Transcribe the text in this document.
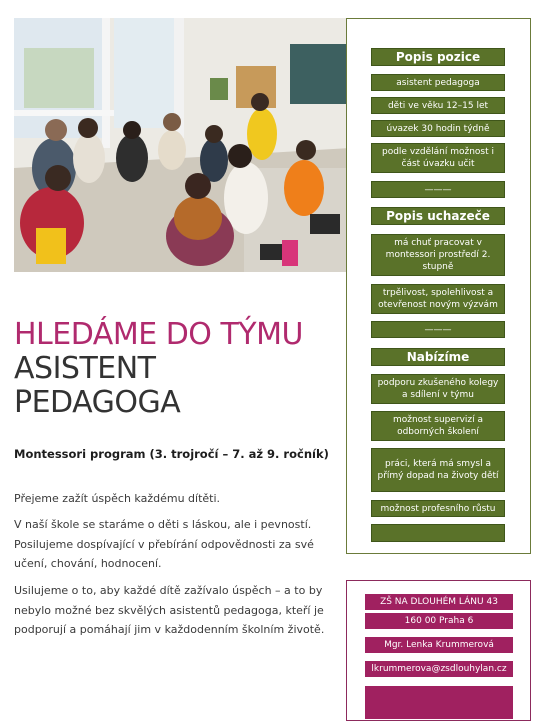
HLEDÁME DO TÝMU
ASISTENT
PEDAGOGA
Montessori program (3. trojročí – 7. až 9. ročník)

Přejeme zažít úspěch každému dítěti.

V naší škole se staráme o děti s láskou, ale i pevností. Posilujeme dospívající v přebírání odpovědnosti za své učení, chování, hodnocení.

Usilujeme o to, aby každé dítě zažívalo úspěch – a to by nebylo možné bez skvělých asistentů pedagoga, kteří je podporují a pomáhají jim v každodenním školním životě.

Popis pozice
asistent pedagoga
děti ve věku 12–15 let
úvazek 30 hodin týdně
podle vzdělání možnost i část úvazku učit
———
Popis uchazeče
má chuť pracovat v montessori prostředí 2. stupně
trpělivost, spolehlivost a otevřenost novým výzvám
———
Nabízíme
podporu zkušeného kolegy a sdílení v týmu
možnost supervizí a odborných školení
práci, která má smysl a přímý dopad na životy dětí
možnost profesního růstu
ZŠ NA DLOUHÉM LÁNU 43
160 00 Praha 6
Mgr. Lenka Krummerová
lkrummerova@zsdlouhylan.cz
